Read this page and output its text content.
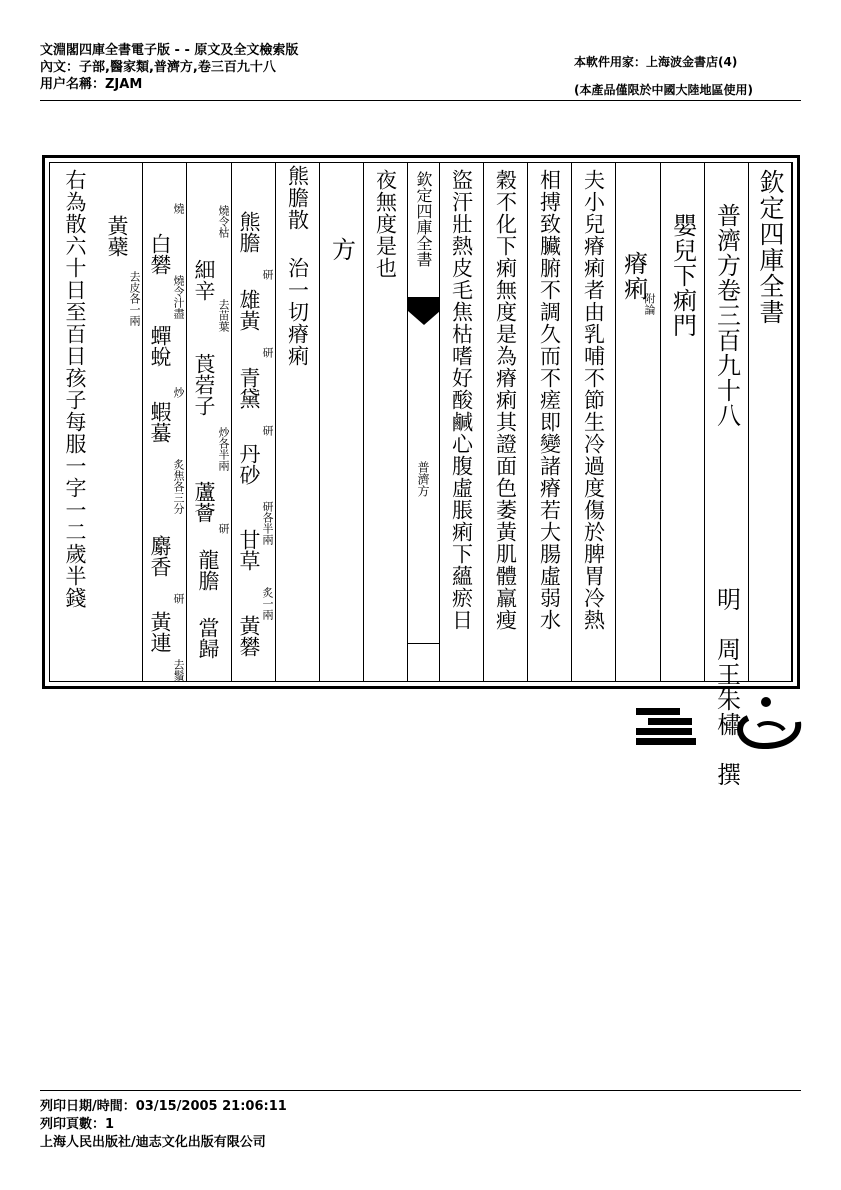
文淵閣四庫全書電子版 - - 原文及全文檢索版
內文：子部,醫家類,普濟方,卷三百九十八
用户名稱：ZJAM
本軟件用家：上海波金書店(4)
(本產品僅限於中國大陸地區使用)
欽定四庫全書
普濟方卷三百九十八
明　周王朱橚　撰
嬰兒下痢門
瘠痢
附論
夫小兒瘠痢者由乳哺不節生冷過度傷於脾胃冷熱
相搏致臟腑不調久而不瘥即變諸瘠若大腸虛弱水
穀不化下痢無度是為瘠痢其證面色萎黃肌體羸瘦
盜汗壯熱皮毛焦枯嗜好酸鹹心腹虛脹痢下蘊瘀日
欽定四庫全書
普濟方
夜無度是也
方
熊膽散
治一切瘠痢
熊膽
研
雄黃
研
青黛
研
丹砂
研各半兩
甘草
炙一兩
黃礬
燒令枯
細辛
去苗葉
莨菪子
炒各半兩
蘆薈
研
龍膽
當歸
燒
白礬
燒令汁盡
蟬蛻
炒
蝦蟇
炙焦各三分
麝香
研
黃連
去鬚
黃蘗
去皮各一兩
右為散六十日至百日孩子每服一字一二歲半錢
列印日期/時間：03/15/2005 21:06:11
列印頁數：1
上海人民出版社/迪志文化出版有限公司
